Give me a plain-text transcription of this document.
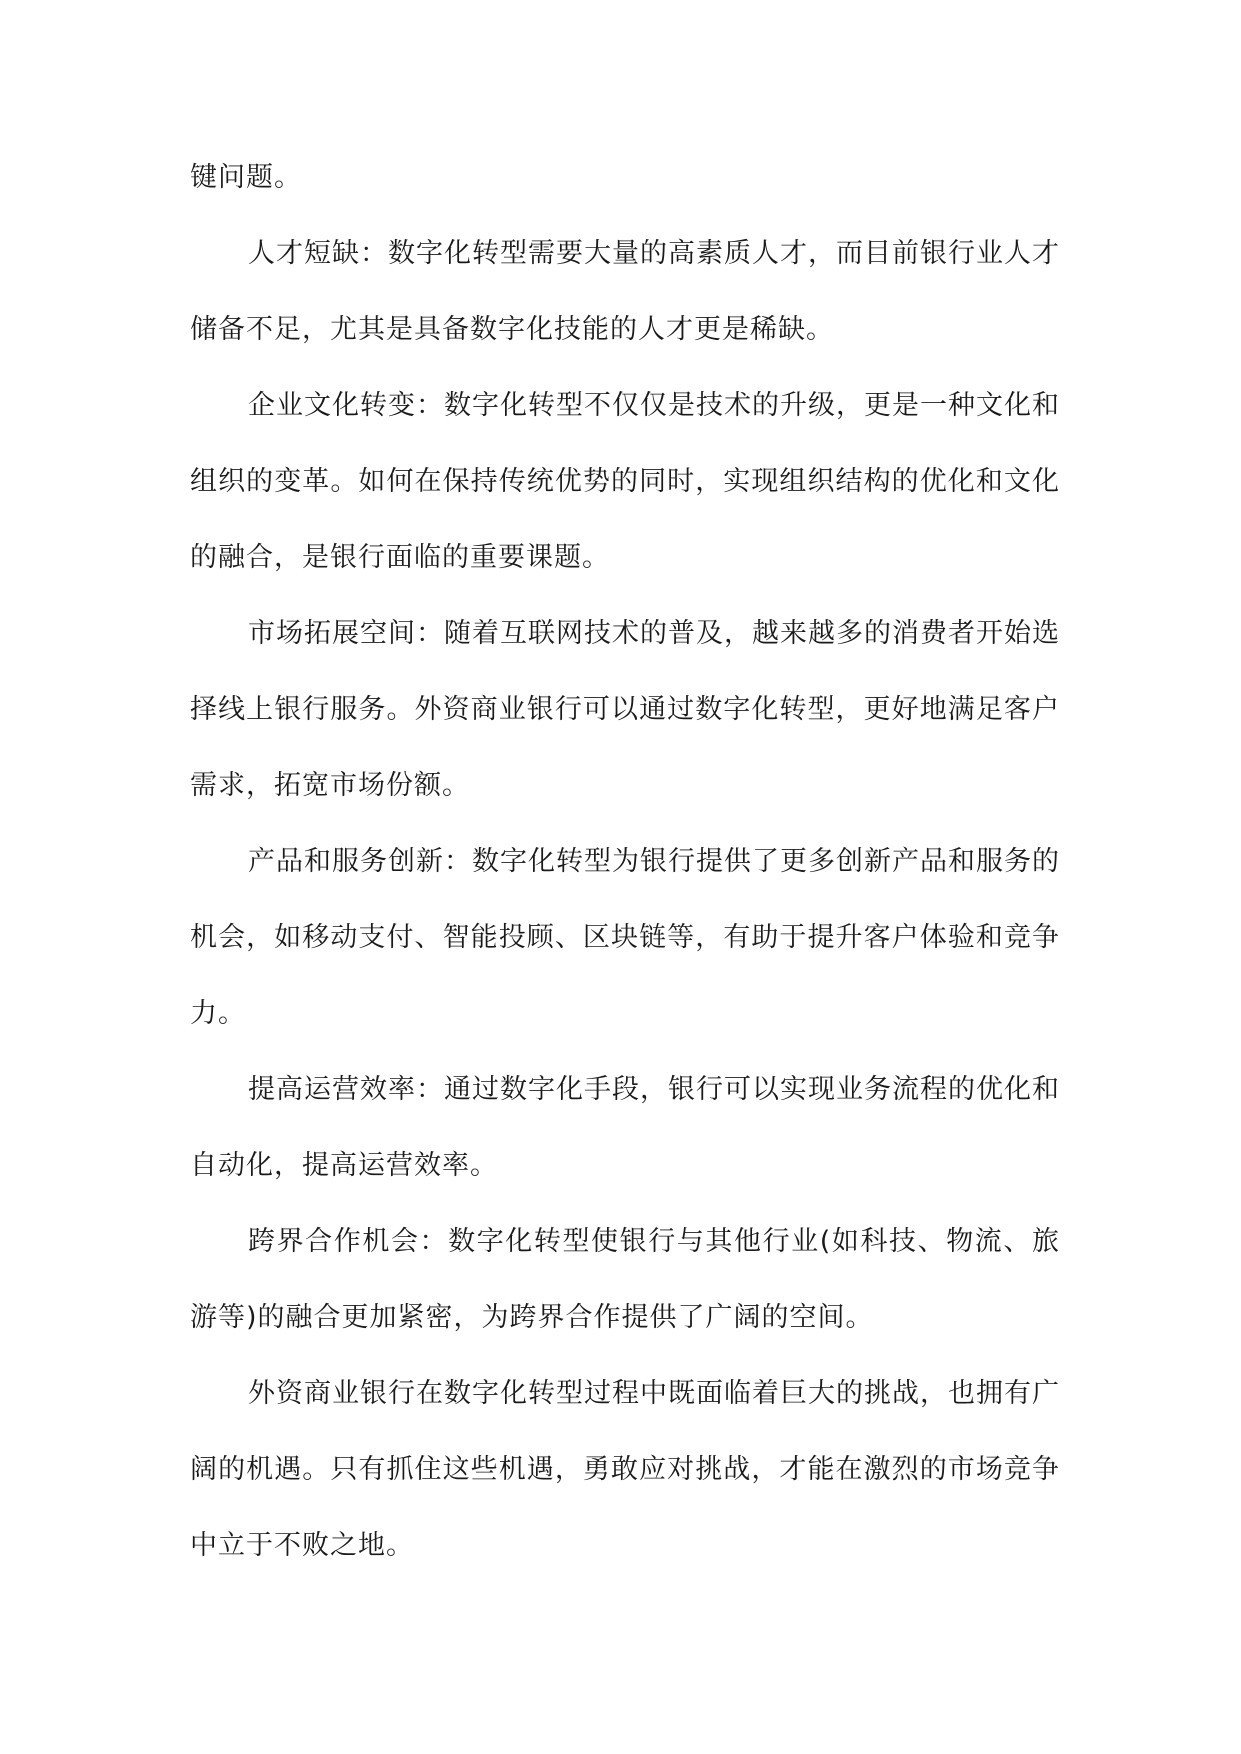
键问题。

人才短缺：数字化转型需要大量的高素质人才，而目前银行业人才储备不足，尤其是具备数字化技能的人才更是稀缺。

企业文化转变：数字化转型不仅仅是技术的升级，更是一种文化和组织的变革。如何在保持传统优势的同时，实现组织结构的优化和文化的融合，是银行面临的重要课题。

市场拓展空间：随着互联网技术的普及，越来越多的消费者开始选择线上银行服务。外资商业银行可以通过数字化转型，更好地满足客户需求，拓宽市场份额。

产品和服务创新：数字化转型为银行提供了更多创新产品和服务的机会，如移动支付、智能投顾、区块链等，有助于提升客户体验和竞争力。

提高运营效率：通过数字化手段，银行可以实现业务流程的优化和自动化，提高运营效率。

跨界合作机会：数字化转型使银行与其他行业(如科技、物流、旅游等)的融合更加紧密，为跨界合作提供了广阔的空间。

外资商业银行在数字化转型过程中既面临着巨大的挑战，也拥有广阔的机遇。只有抓住这些机遇，勇敢应对挑战，才能在激烈的市场竞争中立于不败之地。
